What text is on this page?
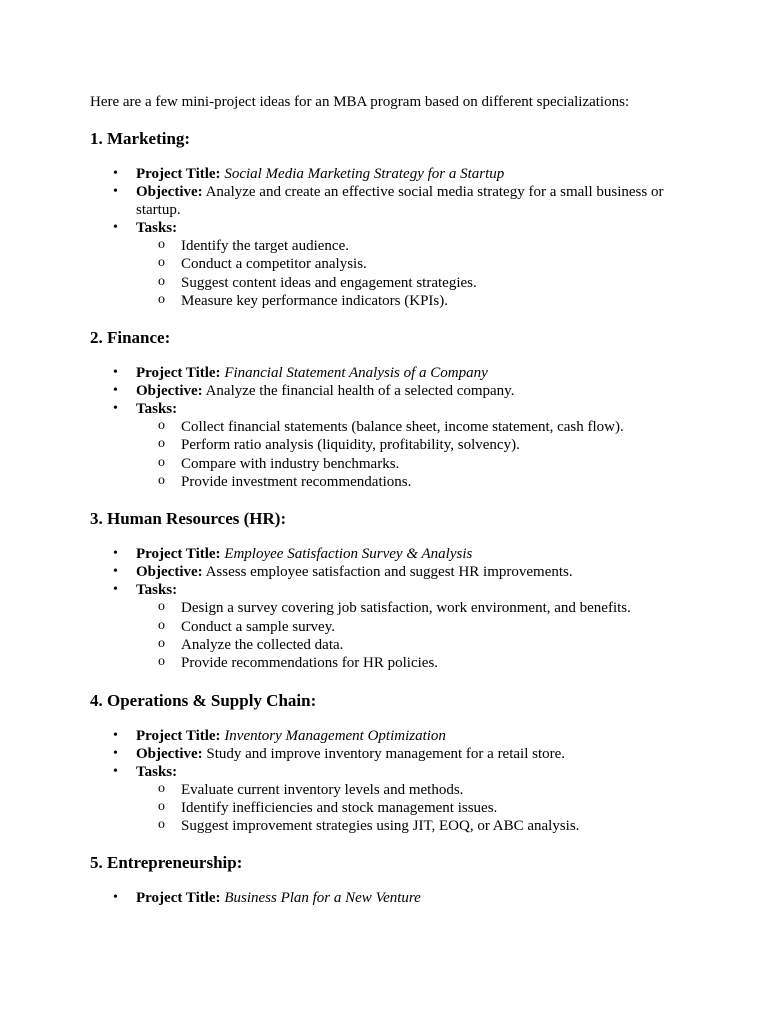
Here are a few mini-project ideas for an MBA program based on different specializations:

1. Marketing:
• Project Title: Social Media Marketing Strategy for a Startup
• Objective: Analyze and create an effective social media strategy for a small business or startup.
• Tasks:
o Identify the target audience.
o Conduct a competitor analysis.
o Suggest content ideas and engagement strategies.
o Measure key performance indicators (KPIs).
2. Finance:
• Project Title: Financial Statement Analysis of a Company
• Objective: Analyze the financial health of a selected company.
• Tasks:
o Collect financial statements (balance sheet, income statement, cash flow).
o Perform ratio analysis (liquidity, profitability, solvency).
o Compare with industry benchmarks.
o Provide investment recommendations.
3. Human Resources (HR):
• Project Title: Employee Satisfaction Survey & Analysis
• Objective: Assess employee satisfaction and suggest HR improvements.
• Tasks:
o Design a survey covering job satisfaction, work environment, and benefits.
o Conduct a sample survey.
o Analyze the collected data.
o Provide recommendations for HR policies.
4. Operations & Supply Chain:
• Project Title: Inventory Management Optimization
• Objective: Study and improve inventory management for a retail store.
• Tasks:
o Evaluate current inventory levels and methods.
o Identify inefficiencies and stock management issues.
o Suggest improvement strategies using JIT, EOQ, or ABC analysis.
5. Entrepreneurship:
• Project Title: Business Plan for a New Venture
